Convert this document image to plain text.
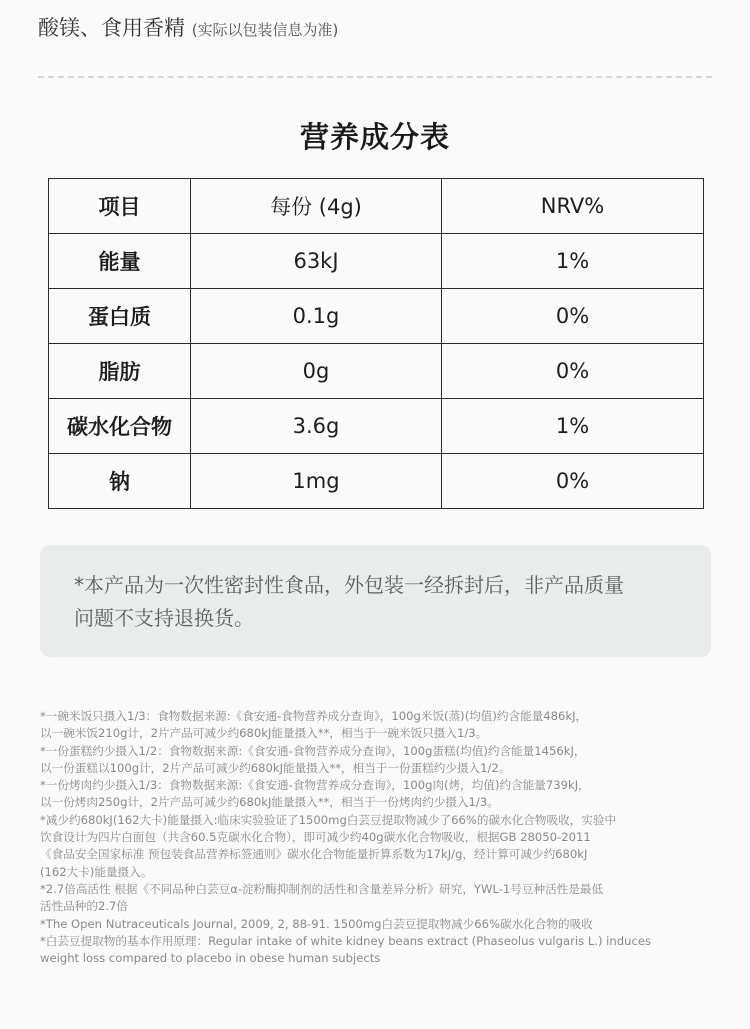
酸镁、食用香精 (实际以包装信息为准)
营养成分表
项目	每份 (4g)	NRV%
能量	63kJ	1%
蛋白质	0.1g	0%
脂肪	0g	0%
碳水化合物	3.6g	1%
钠	1mg	0%
*本产品为一次性密封性食品，外包装一经拆封后，非产品质量
问题不支持退换货。

*一碗米饭只摄入1/3：食物数据来源:《食安通-食物营养成分查询》，100g米饭(蒸)(均值)约含能量486kJ，

以一碗米饭210g计，2片产品可减少约680kJ能量摄入**，相当于一碗米饭只摄入1/3。

*一份蛋糕约少摄入1/2：食物数据来源:《食安通-食物营养成分查询》，100g蛋糕(均值)约含能量1456kJ，

以一份蛋糕以100g计，2片产品可减少约680kJ能量摄入**，相当于一份蛋糕约少摄入1/2。

*一份烤肉约少摄入1/3：食物数据来源:《食安通-食物营养成分查询》，100g肉(烤，均值)约含能量739kJ，

以一份烤肉250g计，2片产品可减少约680kJ能量摄入**，相当于一份烤肉约少摄入1/3。

*减少约680kJ(162大卡)能量摄入:临床实验验证了1500mg白芸豆提取物减少了66%的碳水化合物吸收，实验中

饮食设计为四片白面包（共含60.5克碳水化合物），即可减少约40g碳水化合物吸收，根据GB 28050-2011

《食品安全国家标准 预包装食品营养标签通则》碳水化合物能量折算系数为17kJ/g，经计算可减少约680kJ

(162大卡)能量摄入。

*2.7倍高活性 根据《不同品种白芸豆α-淀粉酶抑制剂的活性和含量差异分析》研究，YWL-1号豆种活性是最低

活性品种的2.7倍

*The Open Nutraceuticals Journal, 2009, 2, 88-91. 1500mg白芸豆提取物减少66%碳水化合物的吸收

*白芸豆提取物的基本作用原理：Regular intake of white kidney beans extract (Phaseolus vulgaris L.) induces

weight loss compared to placebo in obese human subjects
